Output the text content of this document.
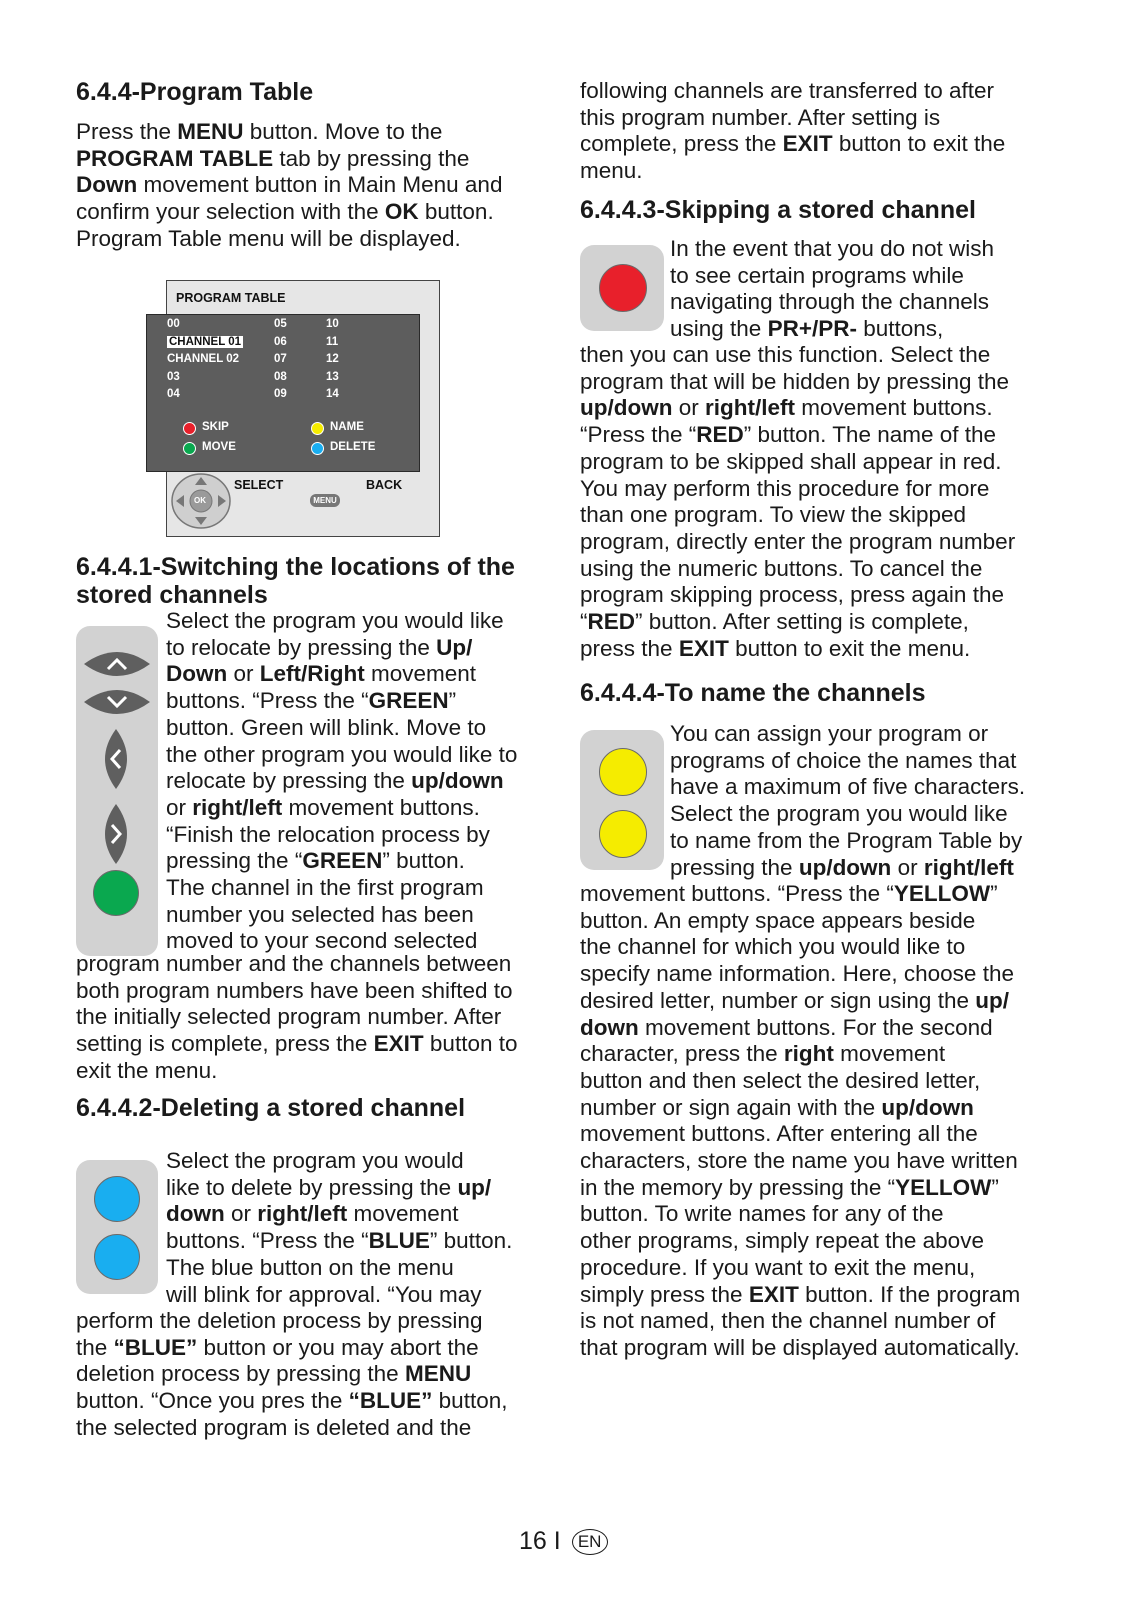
6.4.4-Program Table
Press the MENU button. Move to the
PROGRAM TABLE tab by pressing the
Down movement button in Main Menu and
confirm your selection with the OK button.
Program Table menu will be displayed.
PROGRAM TABLE
00
CHANNEL 01
CHANNEL 02
03
04
05
06
07
08
09
10
11
12
13
14
SKIP
MOVE
NAME
DELETE
OK
SELECT	BACK
MENU
6.4.4.1-Switching the locations of the stored channels
Select the program you would like
to relocate by pressing the Up/
Down or Left/Right movement
buttons. “Press the “GREEN”
button. Green will blink. Move to
the other program you would like to
relocate by pressing the up/down
or right/left movement buttons.
“Finish the relocation process by
pressing the “GREEN” button.
The channel in the first program
number you selected has been
moved to your second selected
program number and the channels between
both program numbers have been shifted to
the initially selected program number. After
setting is complete, press the EXIT button to
exit the menu.
6.4.4.2-Deleting a stored channel
Select the program you would
like to delete by pressing the up/
down or right/left movement
buttons. “Press the “BLUE” button.
The blue button on the menu
will blink for approval. “You may
perform the deletion process by pressing
the “BLUE” button or you may abort the
deletion process by pressing the MENU
button. “Once you pres the “BLUE” button,
the selected program is deleted and the
following channels are transferred to after
this program number. After setting is
complete, press the EXIT button to exit the
menu.
6.4.4.3-Skipping a stored channel
In the event that you do not wish
to see certain programs while
navigating through the channels
using the PR+/PR- buttons,
then you can use this function. Select the
program that will be hidden by pressing the
up/down or right/left movement buttons.
“Press the “RED” button. The name of the
program to be skipped shall appear in red.
You may perform this procedure for more
than one program. To view the skipped
program, directly enter the program number
using the numeric buttons. To cancel the
program skipping process, press again the
“RED” button. After setting is complete,
press the EXIT button to exit the menu.
6.4.4.4-To name the channels
You can assign your program or
programs of choice the names that
have a maximum of five characters.
Select the program you would like
to name from the Program Table by
pressing the up/down or right/left
movement buttons. “Press the “YELLOW”
button. An empty space appears beside
the channel for which you would like to
specify name information. Here, choose the
desired letter, number or sign using the up/
down movement buttons. For the second
character, press the right movement
button and then select the desired letter,
number or sign again with the up/down
movement buttons. After entering all the
characters, store the name you have written
in the memory by pressing the “YELLOW”
button. To write names for any of the
other programs, simply repeat the above
procedure. If you want to exit the menu,
simply press the EXIT button. If the program
is not named, then the channel number of
that program will be displayed automatically.
16 I EN
